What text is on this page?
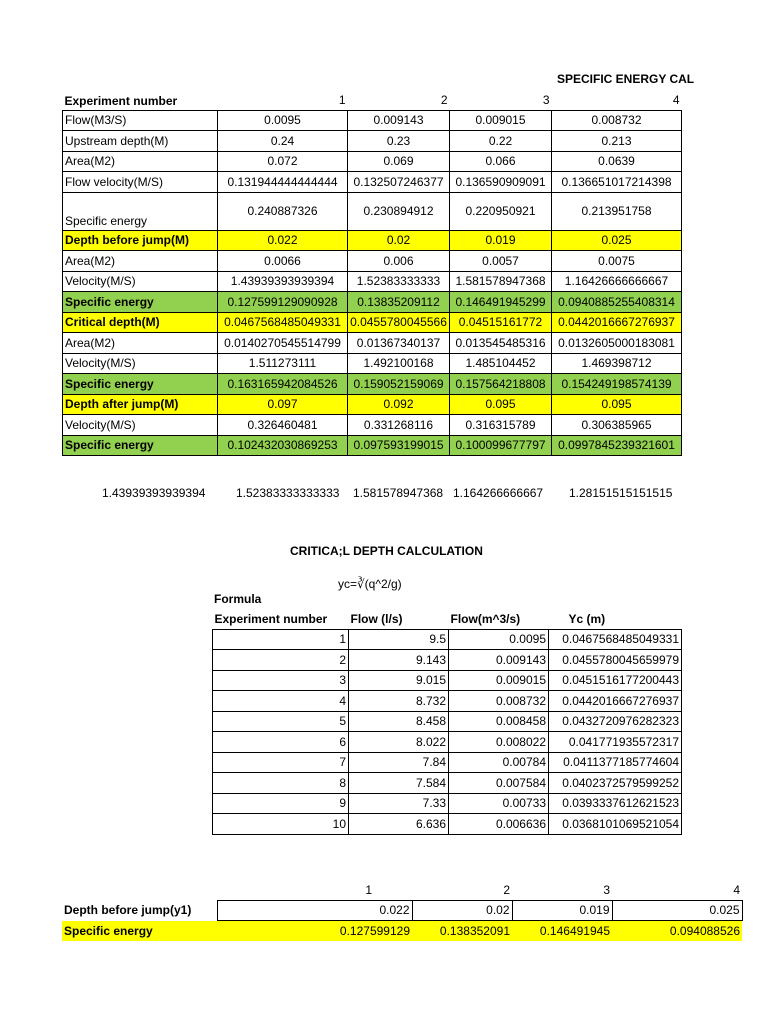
SPECIFIC ENERGY CAL
Experiment number	1	2	3	4
Flow(M3/S)	0.0095	0.009143	0.009015	0.008732
Upstream depth(M)	0.24	0.23	0.22	0.213
Area(M2)	0.072	0.069	0.066	0.0639
Flow velocity(M/S)	0.131944444444444	0.132507246377	0.136590909091	0.136651017214398
Specific energy	0.240887326	0.230894912	0.220950921	0.213951758
Depth before jump(M)	0.022	0.02	0.019	0.025
Area(M2)	0.0066	0.006	0.0057	0.0075
Velocity(M/S)	1.43939393939394	1.52383333333	1.581578947368	1.16426666666667
Specific energy	0.127599129090928	0.13835209112	0.146491945299	0.0940885255408314
Critical depth(M)	0.0467568485049331	0.0455780045566	0.04515161772	0.0442016667276937
Area(M2)	0.0140270545514799	0.01367340137	0.013545485316	0.0132605000183081
Velocity(M/S)	1.511273111	1.492100168	1.485104452	1.469398712
Specific energy	0.163165942084526	0.159052159069	0.157564218808	0.154249198574139
Depth after jump(M)	0.097	0.092	0.095	0.095
Velocity(M/S)	0.326460481	0.331268116	0.316315789	0.306385965
Specific energy	0.102432030869253	0.097593199015	0.100099677797	0.0997845239321601
1.43939393939394	1.52383333333333 1.581578947368 1.164266666667 1.28151515151515
CRITICA;L DEPTH CALCULATION
yc=∛(q^2/g)
Formula
Experiment number	Flow (l/s)	Flow(m^3/s)	Yc (m)
1	9.5	0.0095	0.0467568485049331
2	9.143	0.009143	0.0455780045659979
3	9.015	0.009015	0.0451516177200443
4	8.732	0.008732	0.0442016667276937
5	8.458	0.008458	0.0432720976282323
6	8.022	0.008022	0.041771935572317
7	7.84	0.00784	0.0411377185774604
8	7.584	0.007584	0.0402372579599252
9	7.33	0.00733	0.0393337612621523
10	6.636	0.006636	0.0368101069521054
	1	2	3	4
Depth before jump(y1)	0.022	0.02	0.019	0.025
Specific energy	0.127599129	0.138352091	0.146491945	0.094088526
